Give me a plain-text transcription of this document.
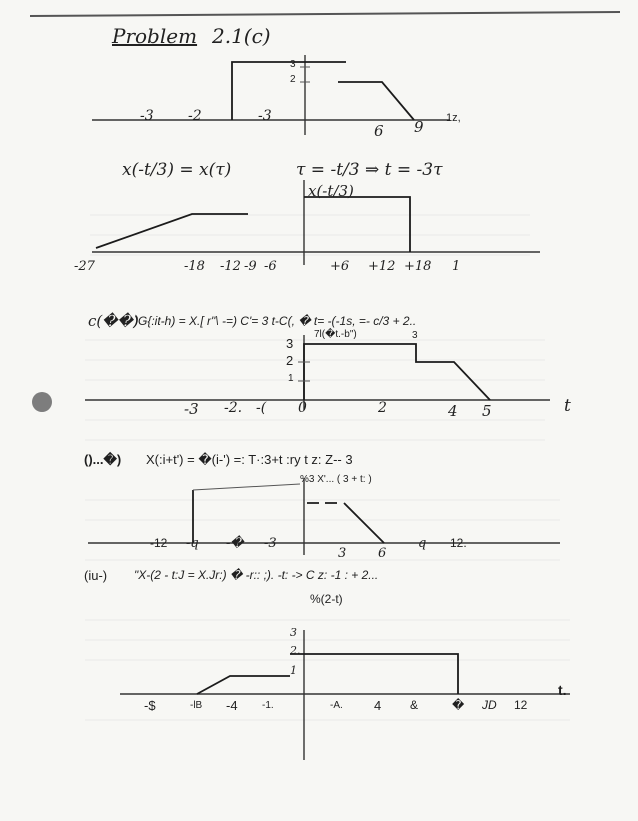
Problem 2.1(c)
-3 -2	-3
3
2
6 9 1z,
x(-t/3) = x(τ)	τ = -t/3 ⇒ t = -3τ
x(-t/3)
-27	-18 -12 -9 -6	+6 +12 +18 1
c(��)
)G{:it-h) = X.[ r"\ -=) C'= 3 t-C(, � t= -(-1s, =- c/3 + 2..
7l(�t.-b")	3
3
2
1
-3 -2. -( 0	2	4 5	t
()...�) X(:i+t') = �(i-') =: T·:3+t :ry t z: Z-- 3
%3 X'... ( 3 + t: )
-12 -q -� -3
3 6
q 12.
(iu-) "X-(2 - t:J = X.Jr:) � -r:: ;). -t: -> C z: -1 : + 2...
%(2-t)
3
2.
1
-$	-lB -4 -1.	-A. 4 &	� JD 12
t.
